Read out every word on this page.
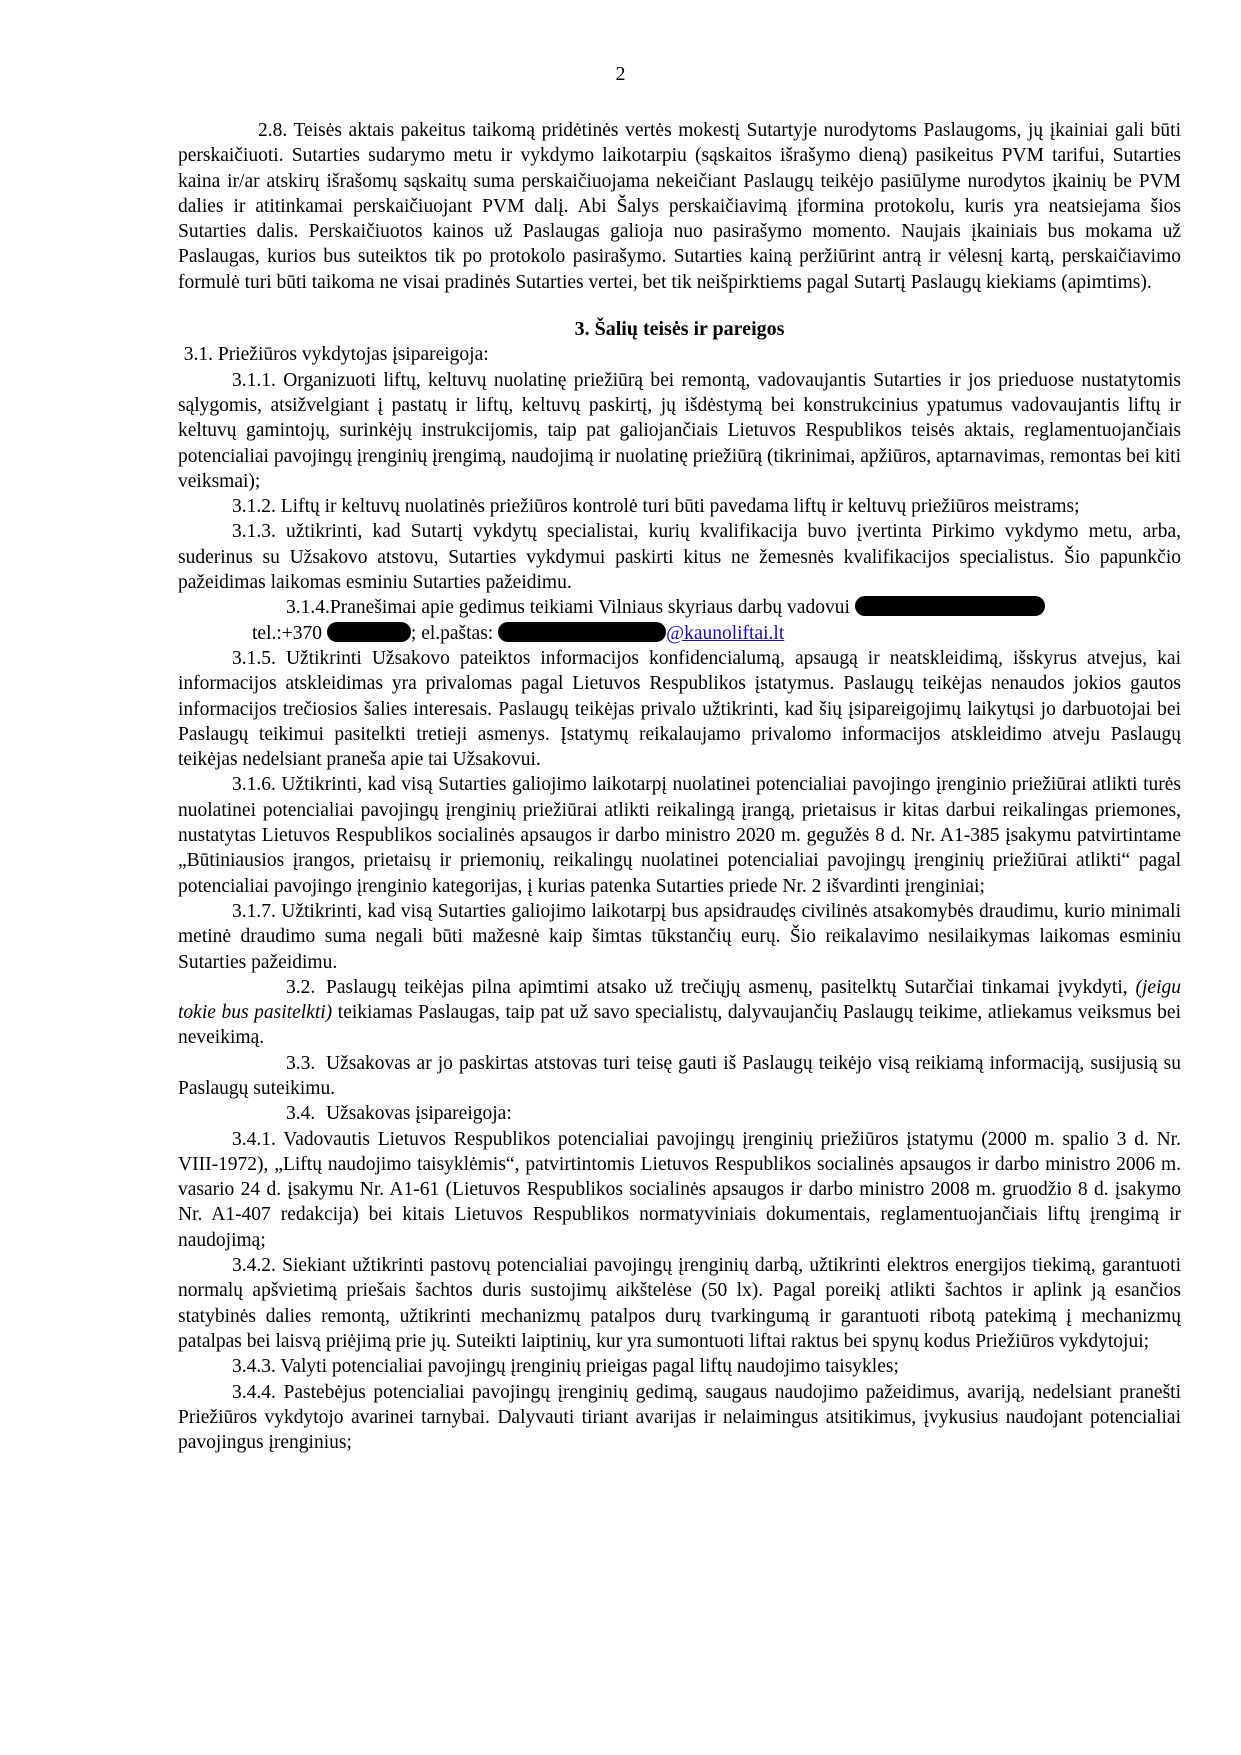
2

2.8. Teisės aktais pakeitus taikomą pridėtinės vertės mokestį Sutartyje nurodytoms Paslaugoms, jų įkainiai gali būti perskaičiuoti. Sutarties sudarymo metu ir vykdymo laikotarpiu (sąskaitos išrašymo dieną) pasikeitus PVM tarifui, Sutarties kaina ir/ar atskirų išrašomų sąskaitų suma perskaičiuojama nekeičiant Paslaugų teikėjo pasiūlyme nurodytos įkainių be PVM dalies ir atitinkamai perskaičiuojant PVM dalį. Abi Šalys perskaičiavimą įformina protokolu, kuris yra neatsiejama šios Sutarties dalis. Perskaičiuotos kainos už Paslaugas galioja nuo pasirašymo momento. Naujais įkainiais bus mokama už Paslaugas, kurios bus suteiktos tik po protokolo pasirašymo. Sutarties kainą peržiūrint antrą ir vėlesnį kartą, perskaičiavimo formulė turi būti taikoma ne visai pradinės Sutarties vertei, bet tik neišpirktiems pagal Sutartį Paslaugų kiekiams (apimtims).

3. Šalių teisės ir pareigos

3.1. Priežiūros vykdytojas įsipareigoja:

3.1.1. Organizuoti liftų, keltuvų nuolatinę priežiūrą bei remontą, vadovaujantis Sutarties ir jos prieduose nustatytomis sąlygomis, atsižvelgiant į pastatų ir liftų, keltuvų paskirtį, jų išdėstymą bei konstrukcinius ypatumus vadovaujantis liftų ir keltuvų gamintojų, surinkėjų instrukcijomis, taip pat galiojančiais Lietuvos Respublikos teisės aktais, reglamentuojančiais potencialiai pavojingų įrenginių įrengimą, naudojimą ir nuolatinę priežiūrą (tikrinimai, apžiūros, aptarnavimas, remontas bei kiti veiksmai);

3.1.2. Liftų ir keltuvų nuolatinės priežiūros kontrolė turi būti pavedama liftų ir keltuvų priežiūros meistrams;

3.1.3. užtikrinti, kad Sutartį vykdytų specialistai, kurių kvalifikacija buvo įvertinta Pirkimo vykdymo metu, arba, suderinus su Užsakovo atstovu, Sutarties vykdymui paskirti kitus ne žemesnės kvalifikacijos specialistus. Šio papunkčio pažeidimas laikomas esminiu Sutarties pažeidimu.

3.1.4.Pranešimai apie gedimus teikiami Vilniaus skyriaus darbų vadovui
tel.:+370	; el.paštas:	@kaunoliftai.lt

3.1.5. Užtikrinti Užsakovo pateiktos informacijos konfidencialumą, apsaugą ir neatskleidimą, išskyrus atvejus, kai informacijos atskleidimas yra privalomas pagal Lietuvos Respublikos įstatymus. Paslaugų teikėjas nenaudos jokios gautos informacijos trečiosios šalies interesais. Paslaugų teikėjas privalo užtikrinti, kad šių įsipareigojimų laikytųsi jo darbuotojai bei Paslaugų teikimui pasitelkti tretieji asmenys. Įstatymų reikalaujamo privalomo informacijos atskleidimo atveju Paslaugų teikėjas nedelsiant praneša apie tai Užsakovui.

3.1.6. Užtikrinti, kad visą Sutarties galiojimo laikotarpį nuolatinei potencialiai pavojingo įrenginio priežiūrai atlikti turės nuolatinei potencialiai pavojingų įrenginių priežiūrai atlikti reikalingą įrangą, prietaisus ir kitas darbui reikalingas priemones, nustatytas Lietuvos Respublikos socialinės apsaugos ir darbo ministro 2020 m. gegužės 8 d. Nr. A1-385 įsakymu patvirtintame „Būtiniausios įrangos, prietaisų ir priemonių, reikalingų nuolatinei potencialiai pavojingų įrenginių priežiūrai atlikti“ pagal potencialiai pavojingo įrenginio kategorijas, į kurias patenka Sutarties priede Nr. 2 išvardinti įrenginiai;

3.1.7. Užtikrinti, kad visą Sutarties galiojimo laikotarpį bus apsidraudęs civilinės atsakomybės draudimu, kurio minimali metinė draudimo suma negali būti mažesnė kaip šimtas tūkstančių eurų. Šio reikalavimo nesilaikymas laikomas esminiu Sutarties pažeidimu.

3.2. Paslaugų teikėjas pilna apimtimi atsako už trečiųjų asmenų, pasitelktų Sutarčiai tinkamai įvykdyti, (jeigu tokie bus pasitelkti) teikiamas Paslaugas, taip pat už savo specialistų, dalyvaujančių Paslaugų teikime, atliekamus veiksmus bei neveikimą.

3.3. Užsakovas ar jo paskirtas atstovas turi teisę gauti iš Paslaugų teikėjo visą reikiamą informaciją, susijusią su Paslaugų suteikimu.

3.4. Užsakovas įsipareigoja:

3.4.1. Vadovautis Lietuvos Respublikos potencialiai pavojingų įrenginių priežiūros įstatymu (2000 m. spalio 3 d. Nr. VIII-1972), „Liftų naudojimo taisyklėmis“, patvirtintomis Lietuvos Respublikos socialinės apsaugos ir darbo ministro 2006 m. vasario 24 d. įsakymu Nr. A1-61 (Lietuvos Respublikos socialinės apsaugos ir darbo ministro 2008 m. gruodžio 8 d. įsakymo Nr. A1-407 redakcija) bei kitais Lietuvos Respublikos normatyviniais dokumentais, reglamentuojančiais liftų įrengimą ir naudojimą;

3.4.2. Siekiant užtikrinti pastovų potencialiai pavojingų įrenginių darbą, užtikrinti elektros energijos tiekimą, garantuoti normalų apšvietimą priešais šachtos duris sustojimų aikštelėse (50 lx). Pagal poreikį atlikti šachtos ir aplink ją esančios statybinės dalies remontą, užtikrinti mechanizmų patalpos durų tvarkingumą ir garantuoti ribotą patekimą į mechanizmų patalpas bei laisvą priėjimą prie jų. Suteikti laiptinių, kur yra sumontuoti liftai raktus bei spynų kodus Priežiūros vykdytojui;

3.4.3. Valyti potencialiai pavojingų įrenginių prieigas pagal liftų naudojimo taisykles;

3.4.4. Pastebėjus potencialiai pavojingų įrenginių gedimą, saugaus naudojimo pažeidimus, avariją, nedelsiant pranešti Priežiūros vykdytojo avarinei tarnybai. Dalyvauti tiriant avarijas ir nelaimingus atsitikimus, įvykusius naudojant potencialiai pavojingus įrenginius;
